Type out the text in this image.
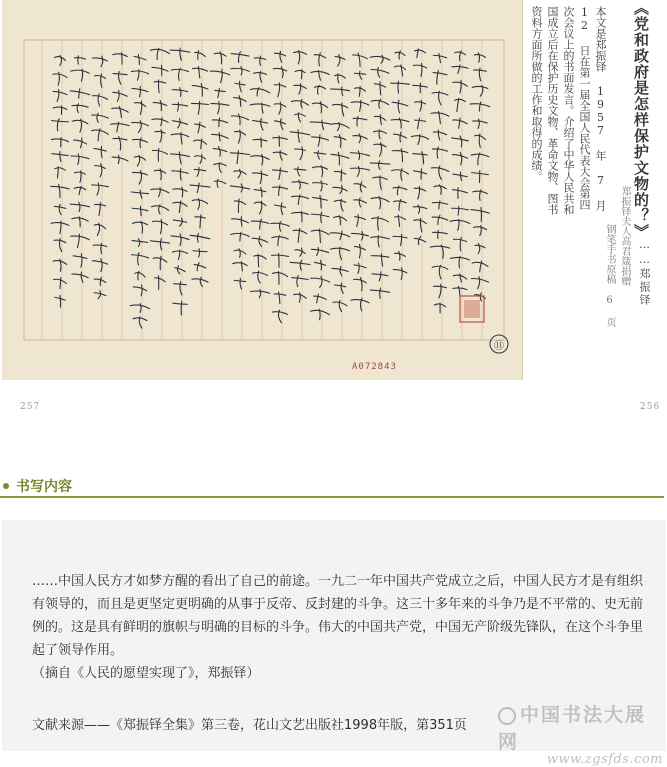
⑪
A072843
《党和政府是怎样保护文物的？》
……郑振铎
郑振铎夫人高君箴捐赠
钢笔手书原稿 6 页
本文是郑振铎 1957 年 7 月 12 日在第一届全国人民代表大会第四次会议上的书面发言。介绍了中华人民共和国成立后在保护历史文物、革命文物、图书资料方面所做的工作和取得的成绩。
257	256
书写内容
……中国人民方才如梦方醒的看出了自己的前途。一九二一年中国共产党成立之后，中国人民方才是有组织有领导的，而且是更坚定更明确的从事于反帝、反封建的斗争。这三十多年来的斗争乃是不平常的、史无前例的。这是具有鲜明的旗帜与明确的目标的斗争。伟大的中国共产党，中国无产阶级先锋队，在这个斗争里起了领导作用。
（摘自《人民的愿望实现了》，郑振铎）
文献来源——《郑振铎全集》第三卷，花山文艺出版社1998年版，第351页	中国书法大展网
www.zgsfds.com
